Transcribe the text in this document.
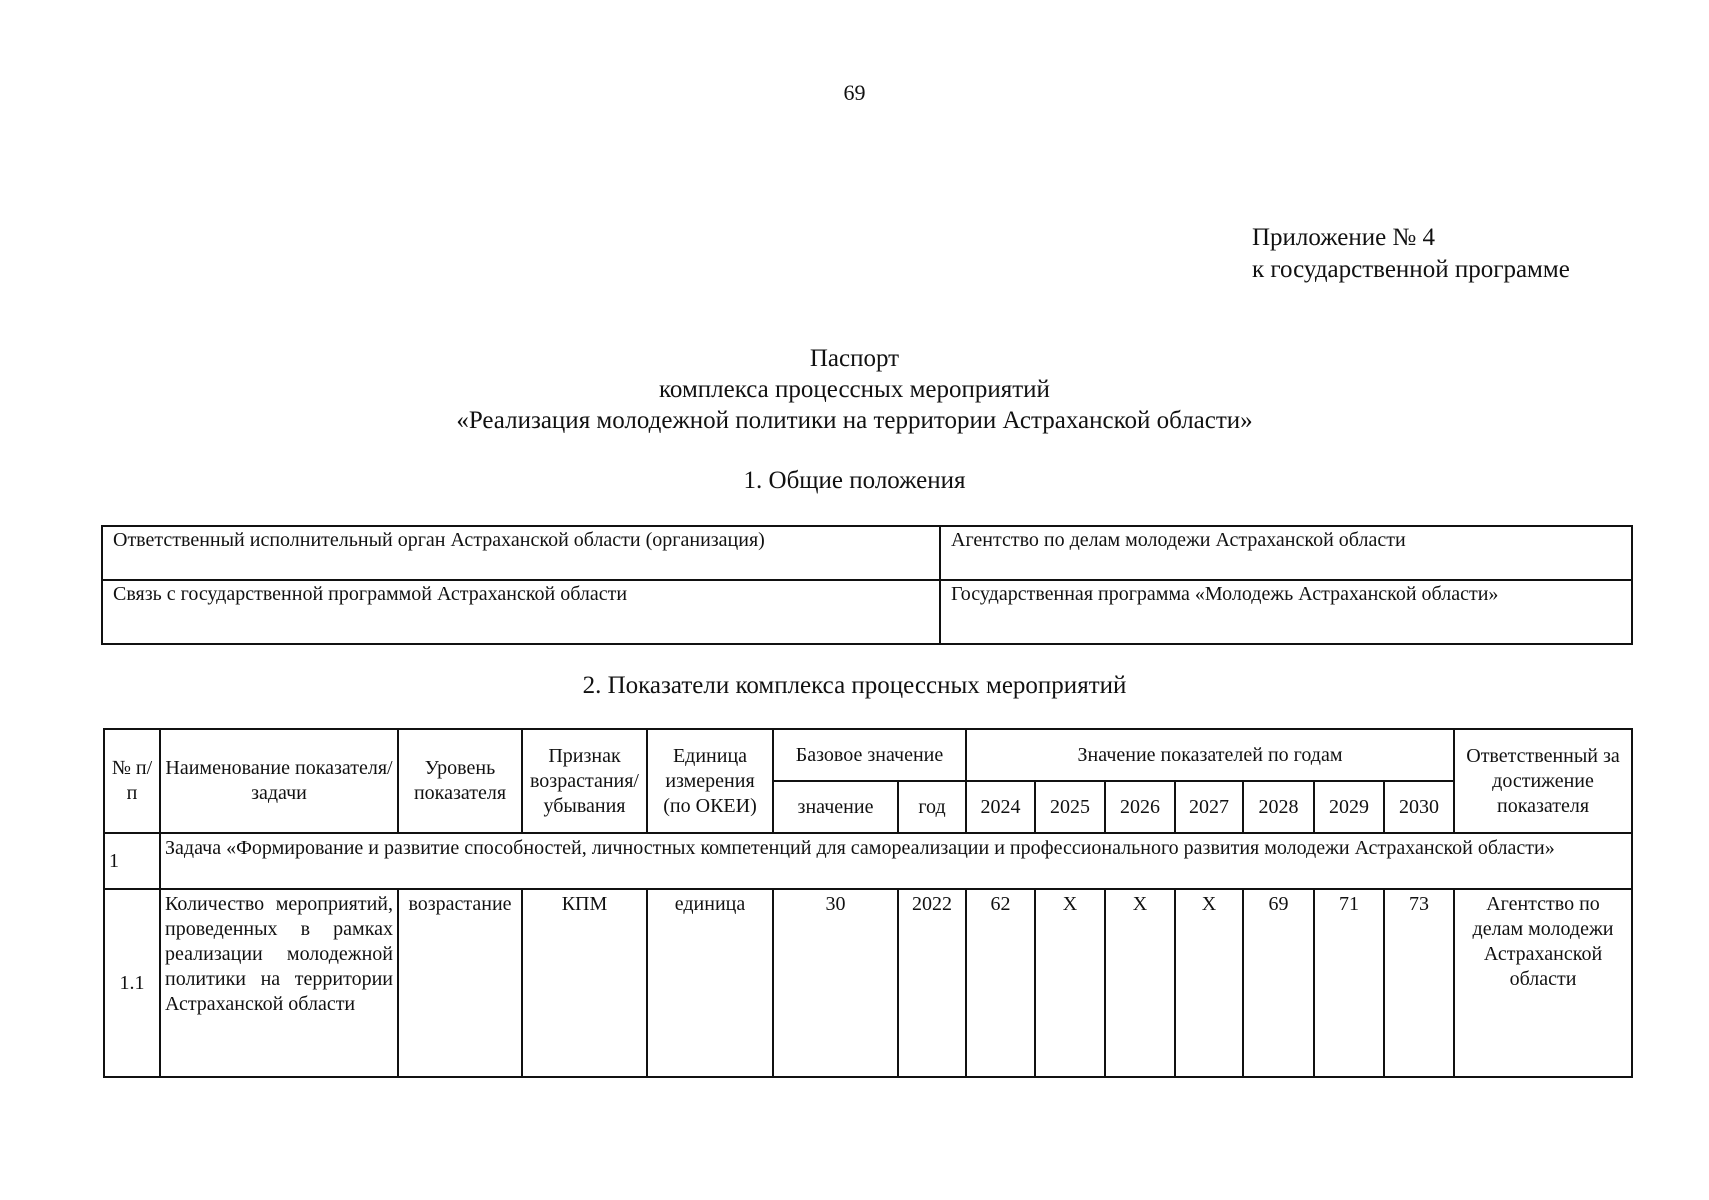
69
Приложение № 4
к государственной программе
Паспорт
комплекса процессных мероприятий
«Реализация молодежной политики на территории Астраханской области»
1. Общие положения
Ответственный исполнительный орган Астраханской области (организация)	Агентство по делам молодежи Астраханской области
Связь с государственной программой Астраханской области	Государственная программа «Молодежь Астраханской области»
2. Показатели комплекса процессных мероприятий
№ п/п	Наименование показателя/задачи	Уровень показателя	Признак возрастания/убывания	Единица измерения (по ОКЕИ)	Базовое значение		Значение показателей по годам							Ответственный за достижение показателя
					значение	год	2024	2025	2026	2027	2028	2029	2030	
1	Задача «Формирование и развитие способностей, личностных компетенций для самореализации и профессионального развития молодежи Астраханской области»													
1.1	Количество мероприятий, проведенных в рамках реализации молодежной политики на территории Астраханской области	возрастание	КПМ	единица	30	2022	62	X	X	X	69	71	73	Агентство по делам молодежи Астраханской области
